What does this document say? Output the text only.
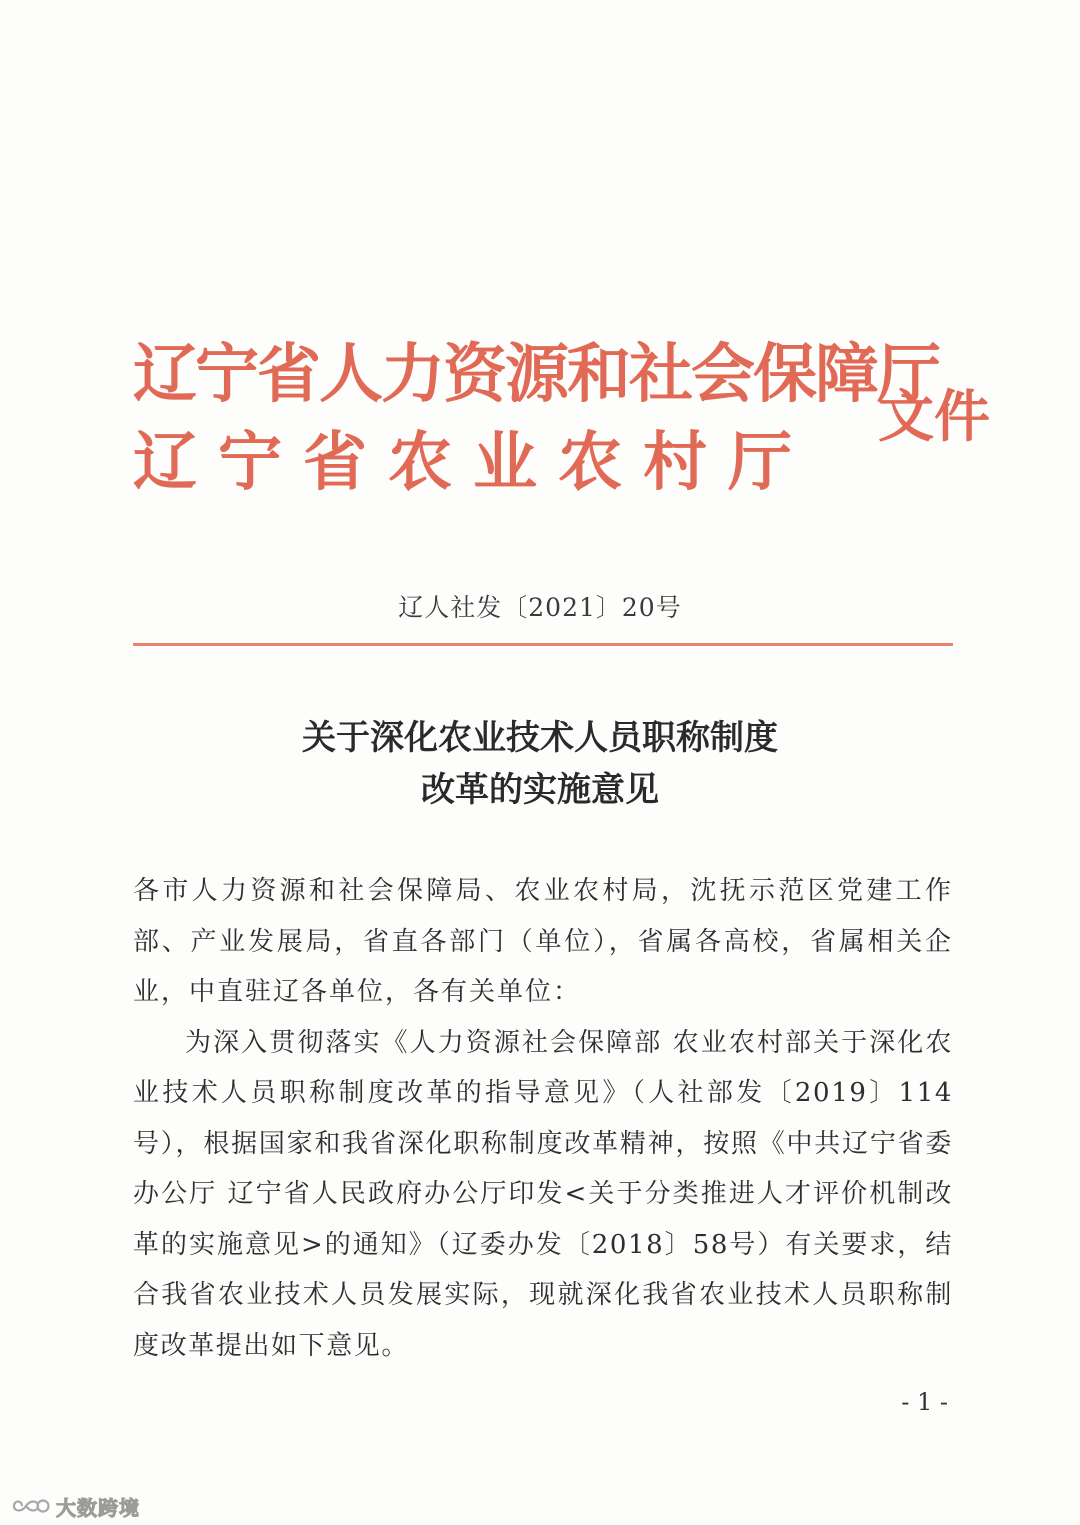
辽宁省人力资源和社会保障厅
辽宁省农业农村厅
文件
辽人社发〔2021〕20号
关于深化农业技术人员职称制度
改革的实施意见
各市人力资源和社会保障局、农业农村局，沈抚示范区党建工作部、产业发展局，省直各部门（单位），省属各高校，省属相关企业，中直驻辽各单位，各有关单位：
为深入贯彻落实《人力资源社会保障部 农业农村部关于深化农业技术人员职称制度改革的指导意见》（人社部发〔2019〕114号），根据国家和我省深化职称制度改革精神，按照《中共辽宁省委办公厅 辽宁省人民政府办公厅印发<关于分类推进人才评价机制改革的实施意见>的通知》（辽委办发〔2018〕58号）有关要求，结合我省农业技术人员发展实际，现就深化我省农业技术人员职称制度改革提出如下意见。
- 1 -
大数跨境
